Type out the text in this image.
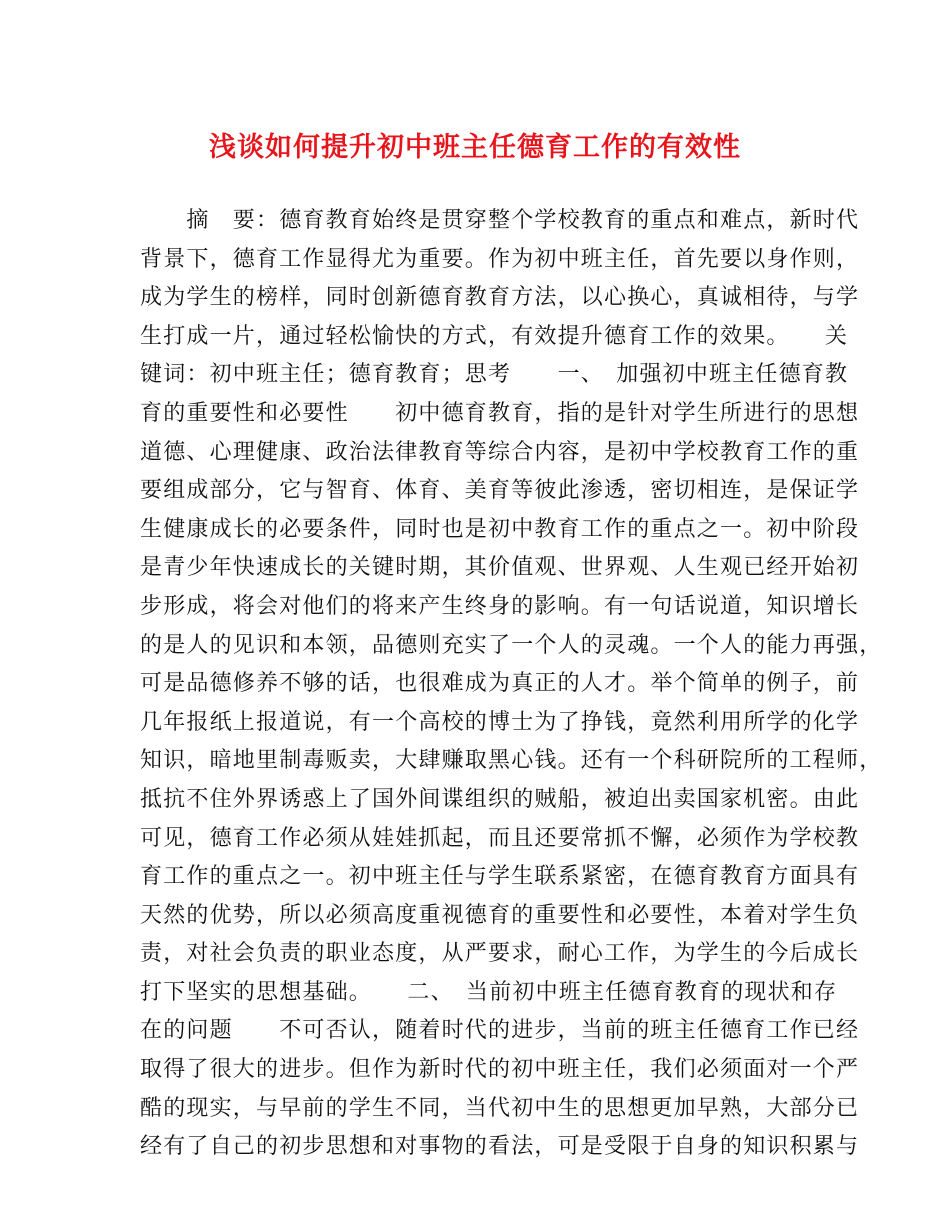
浅谈如何提升初中班主任德育工作的有效性
　　摘　要：德育教育始终是贯穿整个学校教育的重点和难点，新时代
背景下，德育工作显得尤为重要。作为初中班主任，首先要以身作则，
成为学生的榜样，同时创新德育教育方法，以心换心，真诚相待，与学
生打成一片，通过轻松愉快的方式，有效提升德育工作的效果。　　关
键词：初中班主任；德育教育；思考　　一、　加强初中班主任德育教
育的重要性和必要性　　初中德育教育，指的是针对学生所进行的思想
道德、心理健康、政治法律教育等综合内容，是初中学校教育工作的重
要组成部分，它与智育、体育、美育等彼此渗透，密切相连，是保证学
生健康成长的必要条件，同时也是初中教育工作的重点之一。初中阶段
是青少年快速成长的关键时期，其价值观、世界观、人生观已经开始初
步形成，将会对他们的将来产生终身的影响。有一句话说道，知识增长
的是人的见识和本领，品德则充实了一个人的灵魂。一个人的能力再强，
可是品德修养不够的话，也很难成为真正的人才。举个简单的例子，前
几年报纸上报道说，有一个高校的博士为了挣钱，竟然利用所学的化学
知识，暗地里制毒贩卖，大肆赚取黑心钱。还有一个科研院所的工程师，
抵抗不住外界诱惑上了国外间谍组织的贼船，被迫出卖国家机密。由此
可见，德育工作必须从娃娃抓起，而且还要常抓不懈，必须作为学校教
育工作的重点之一。初中班主任与学生联系紧密，在德育教育方面具有
天然的优势，所以必须高度重视德育的重要性和必要性，本着对学生负
责，对社会负责的职业态度，从严要求，耐心工作，为学生的今后成长
打下坚实的思想基础。　　二、　当前初中班主任德育教育的现状和存
在的问题　　不可否认，随着时代的进步，当前的班主任德育工作已经
取得了很大的进步。但作为新时代的初中班主任，我们必须面对一个严
酷的现实，与早前的学生不同，当代初中生的思想更加早熟，大部分已
经有了自己的初步思想和对事物的看法，可是受限于自身的知识积累与
